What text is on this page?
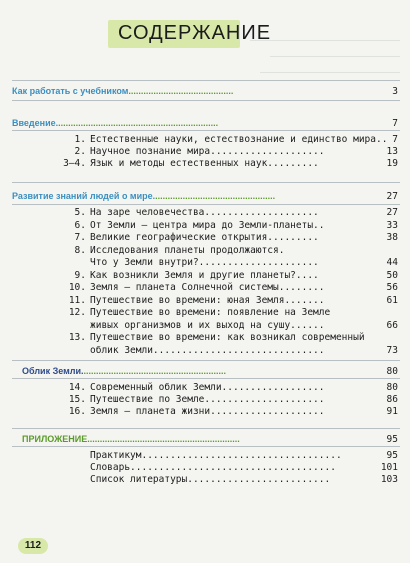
СОДЕРЖАНИЕ
Как работать с учебником..........................................	3
Введение.................................................................	7
1. Естественные науки, естествознание и единство мира.. 7
2. Научное познание мира....................	13
3–4. Язык и методы естественных наук.........	19
Развитие знаний людей о мире.................................................	27
5. На заре человечества....................	27
6. От Земли — центра мира до Земли-планеты..	33
7. Великие географические открытия.........	38
8. Исследования планеты продолжаются.
Что у Земли внутри?.....................	44
9. Как возникли Земля и другие планеты?....	50
10. Земля — планета Солнечной системы........	56
11. Путешествие во времени: юная Земля.......	61
12. Путешествие во времени: появление на Земле
живых организмов и их выход на сушу......	66
13. Путешествие во времени: как возникал современный
облик Земли..............................	73
Облик Земли..........................................................	80
14. Современный облик Земли..................	80
15. Путешествие по Земле.....................	86
16. Земля — планета жизни....................	91
ПРИЛОЖЕНИЕ.............................................................	95
Практикум...................................	95
Словарь....................................	101
Список литературы.........................	103
112
